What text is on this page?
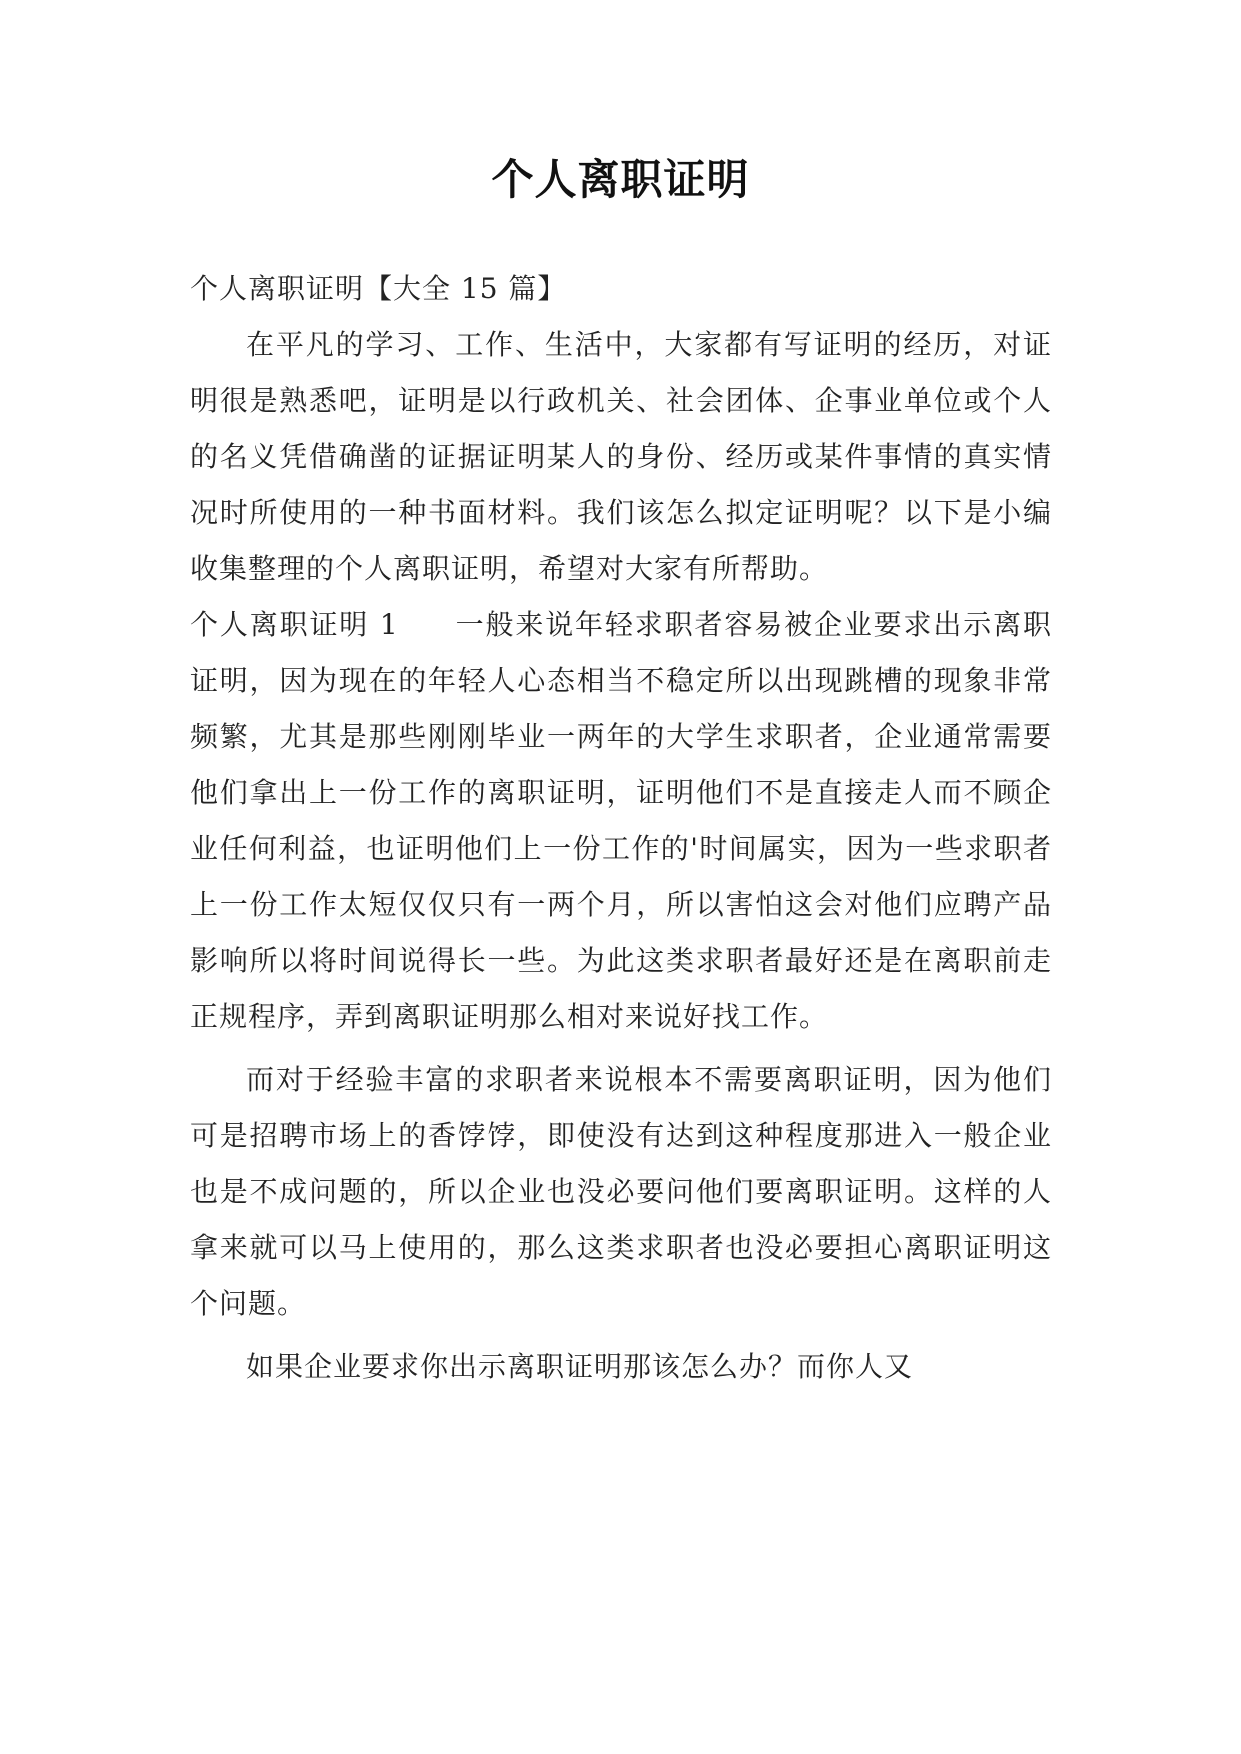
个人离职证明

个人离职证明【大全 15 篇】

在平凡的学习、工作、生活中，大家都有写证明的经历，对证明很是熟悉吧，证明是以行政机关、社会团体、企事业单位或个人的名义凭借确凿的证据证明某人的身份、经历或某件事情的真实情况时所使用的一种书面材料。我们该怎么拟定证明呢？以下是小编收集整理的个人离职证明，希望对大家有所帮助。

个人离职证明 1 一般来说年轻求职者容易被企业要求出示离职证明，因为现在的年轻人心态相当不稳定所以出现跳槽的现象非常频繁，尤其是那些刚刚毕业一两年的大学生求职者，企业通常需要他们拿出上一份工作的离职证明，证明他们不是直接走人而不顾企业任何利益，也证明他们上一份工作的'时间属实，因为一些求职者上一份工作太短仅仅只有一两个月，所以害怕这会对他们应聘产品影响所以将时间说得长一些。为此这类求职者最好还是在离职前走正规程序，弄到离职证明那么相对来说好找工作。

而对于经验丰富的求职者来说根本不需要离职证明，因为他们可是招聘市场上的香饽饽，即使没有达到这种程度那进入一般企业也是不成问题的，所以企业也没必要问他们要离职证明。这样的人拿来就可以马上使用的，那么这类求职者也没必要担心离职证明这个问题。

如果企业要求你出示离职证明那该怎么办？而你人又
